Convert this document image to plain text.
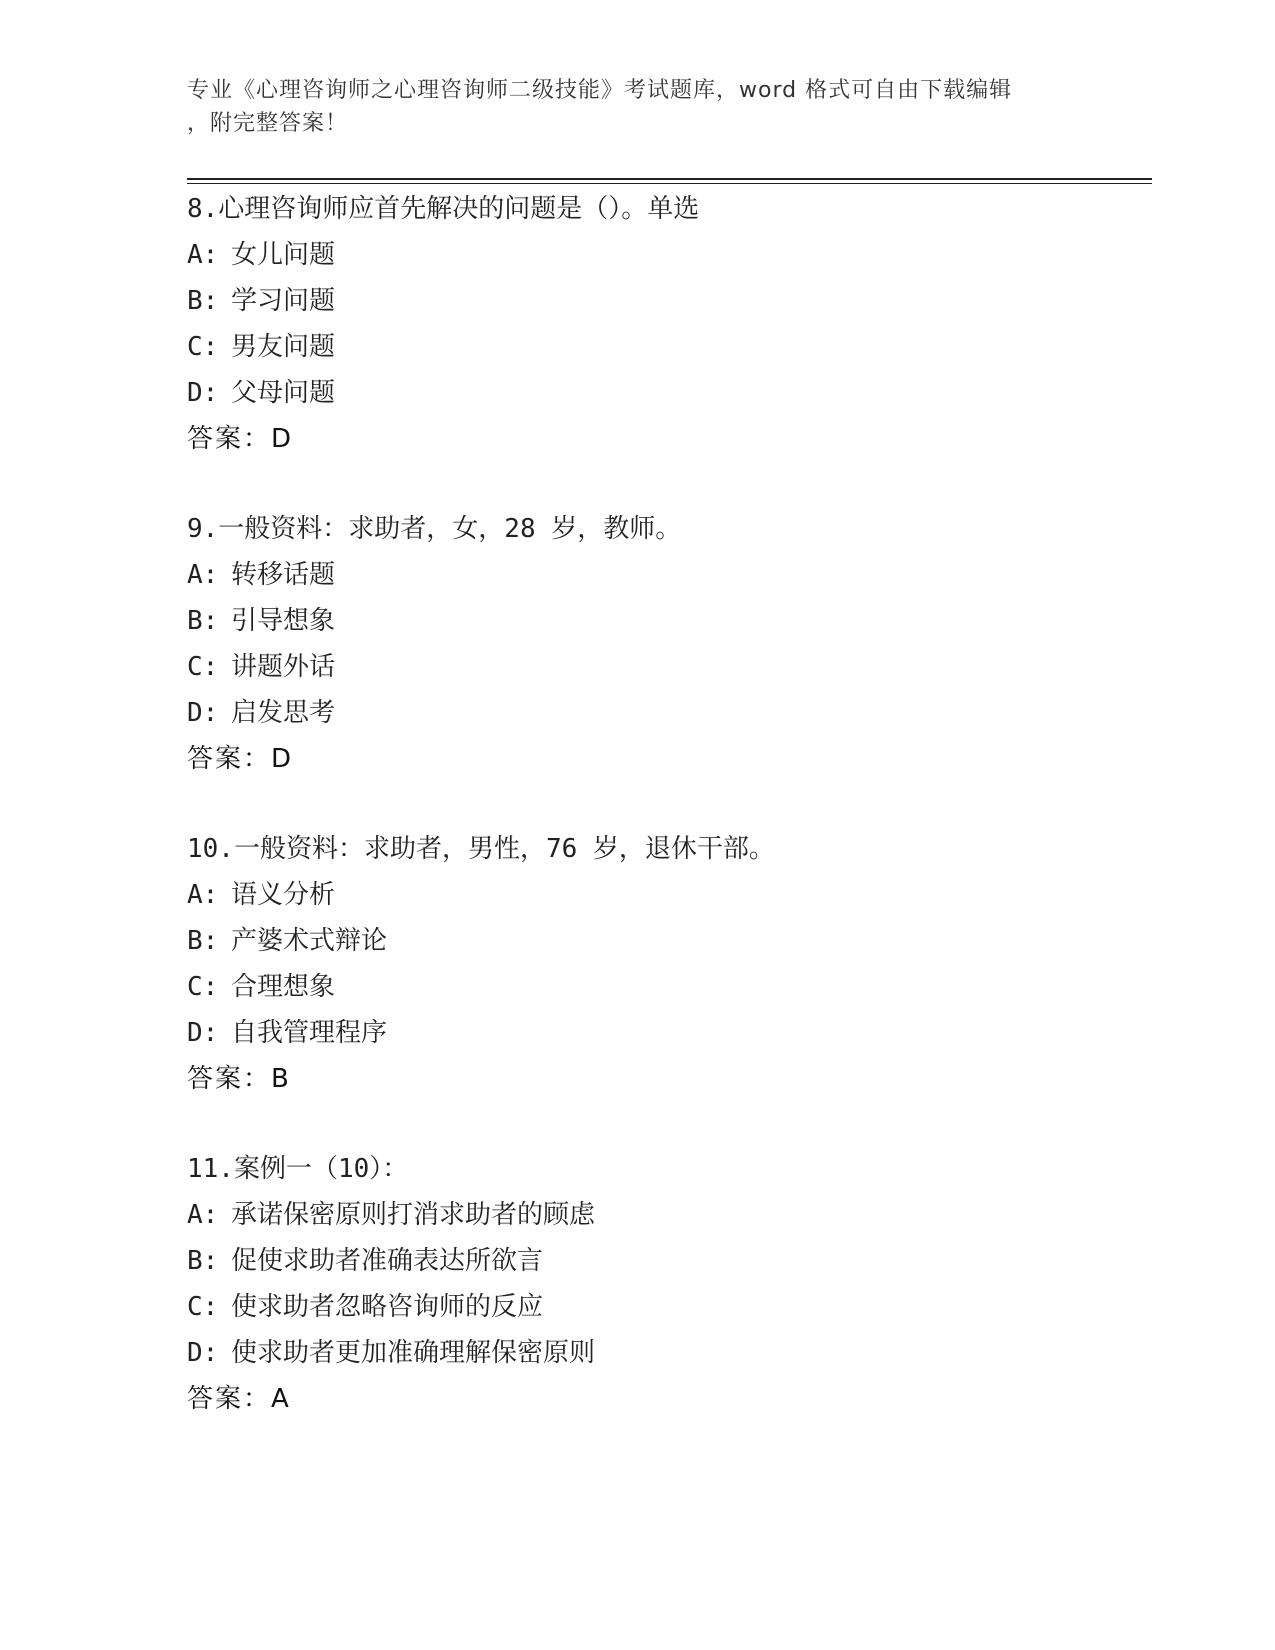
专业《心理咨询师之心理咨询师二级技能》考试题库，word 格式可自由下载编辑
，附完整答案！
8.心理咨询师应首先解决的问题是（）。单选
A: 女儿问题
B: 学习问题
C: 男友问题
D: 父母问题
答案：D
9.一般资料：求助者，女，28 岁，教师。
A: 转移话题
B: 引导想象
C: 讲题外话
D: 启发思考
答案：D
10.一般资料：求助者，男性，76 岁，退休干部。
A: 语义分析
B: 产婆术式辩论
C: 合理想象
D: 自我管理程序
答案：B
11.案例一（10）：
A: 承诺保密原则打消求助者的顾虑
B: 促使求助者准确表达所欲言
C: 使求助者忽略咨询师的反应
D: 使求助者更加准确理解保密原则
答案：A
